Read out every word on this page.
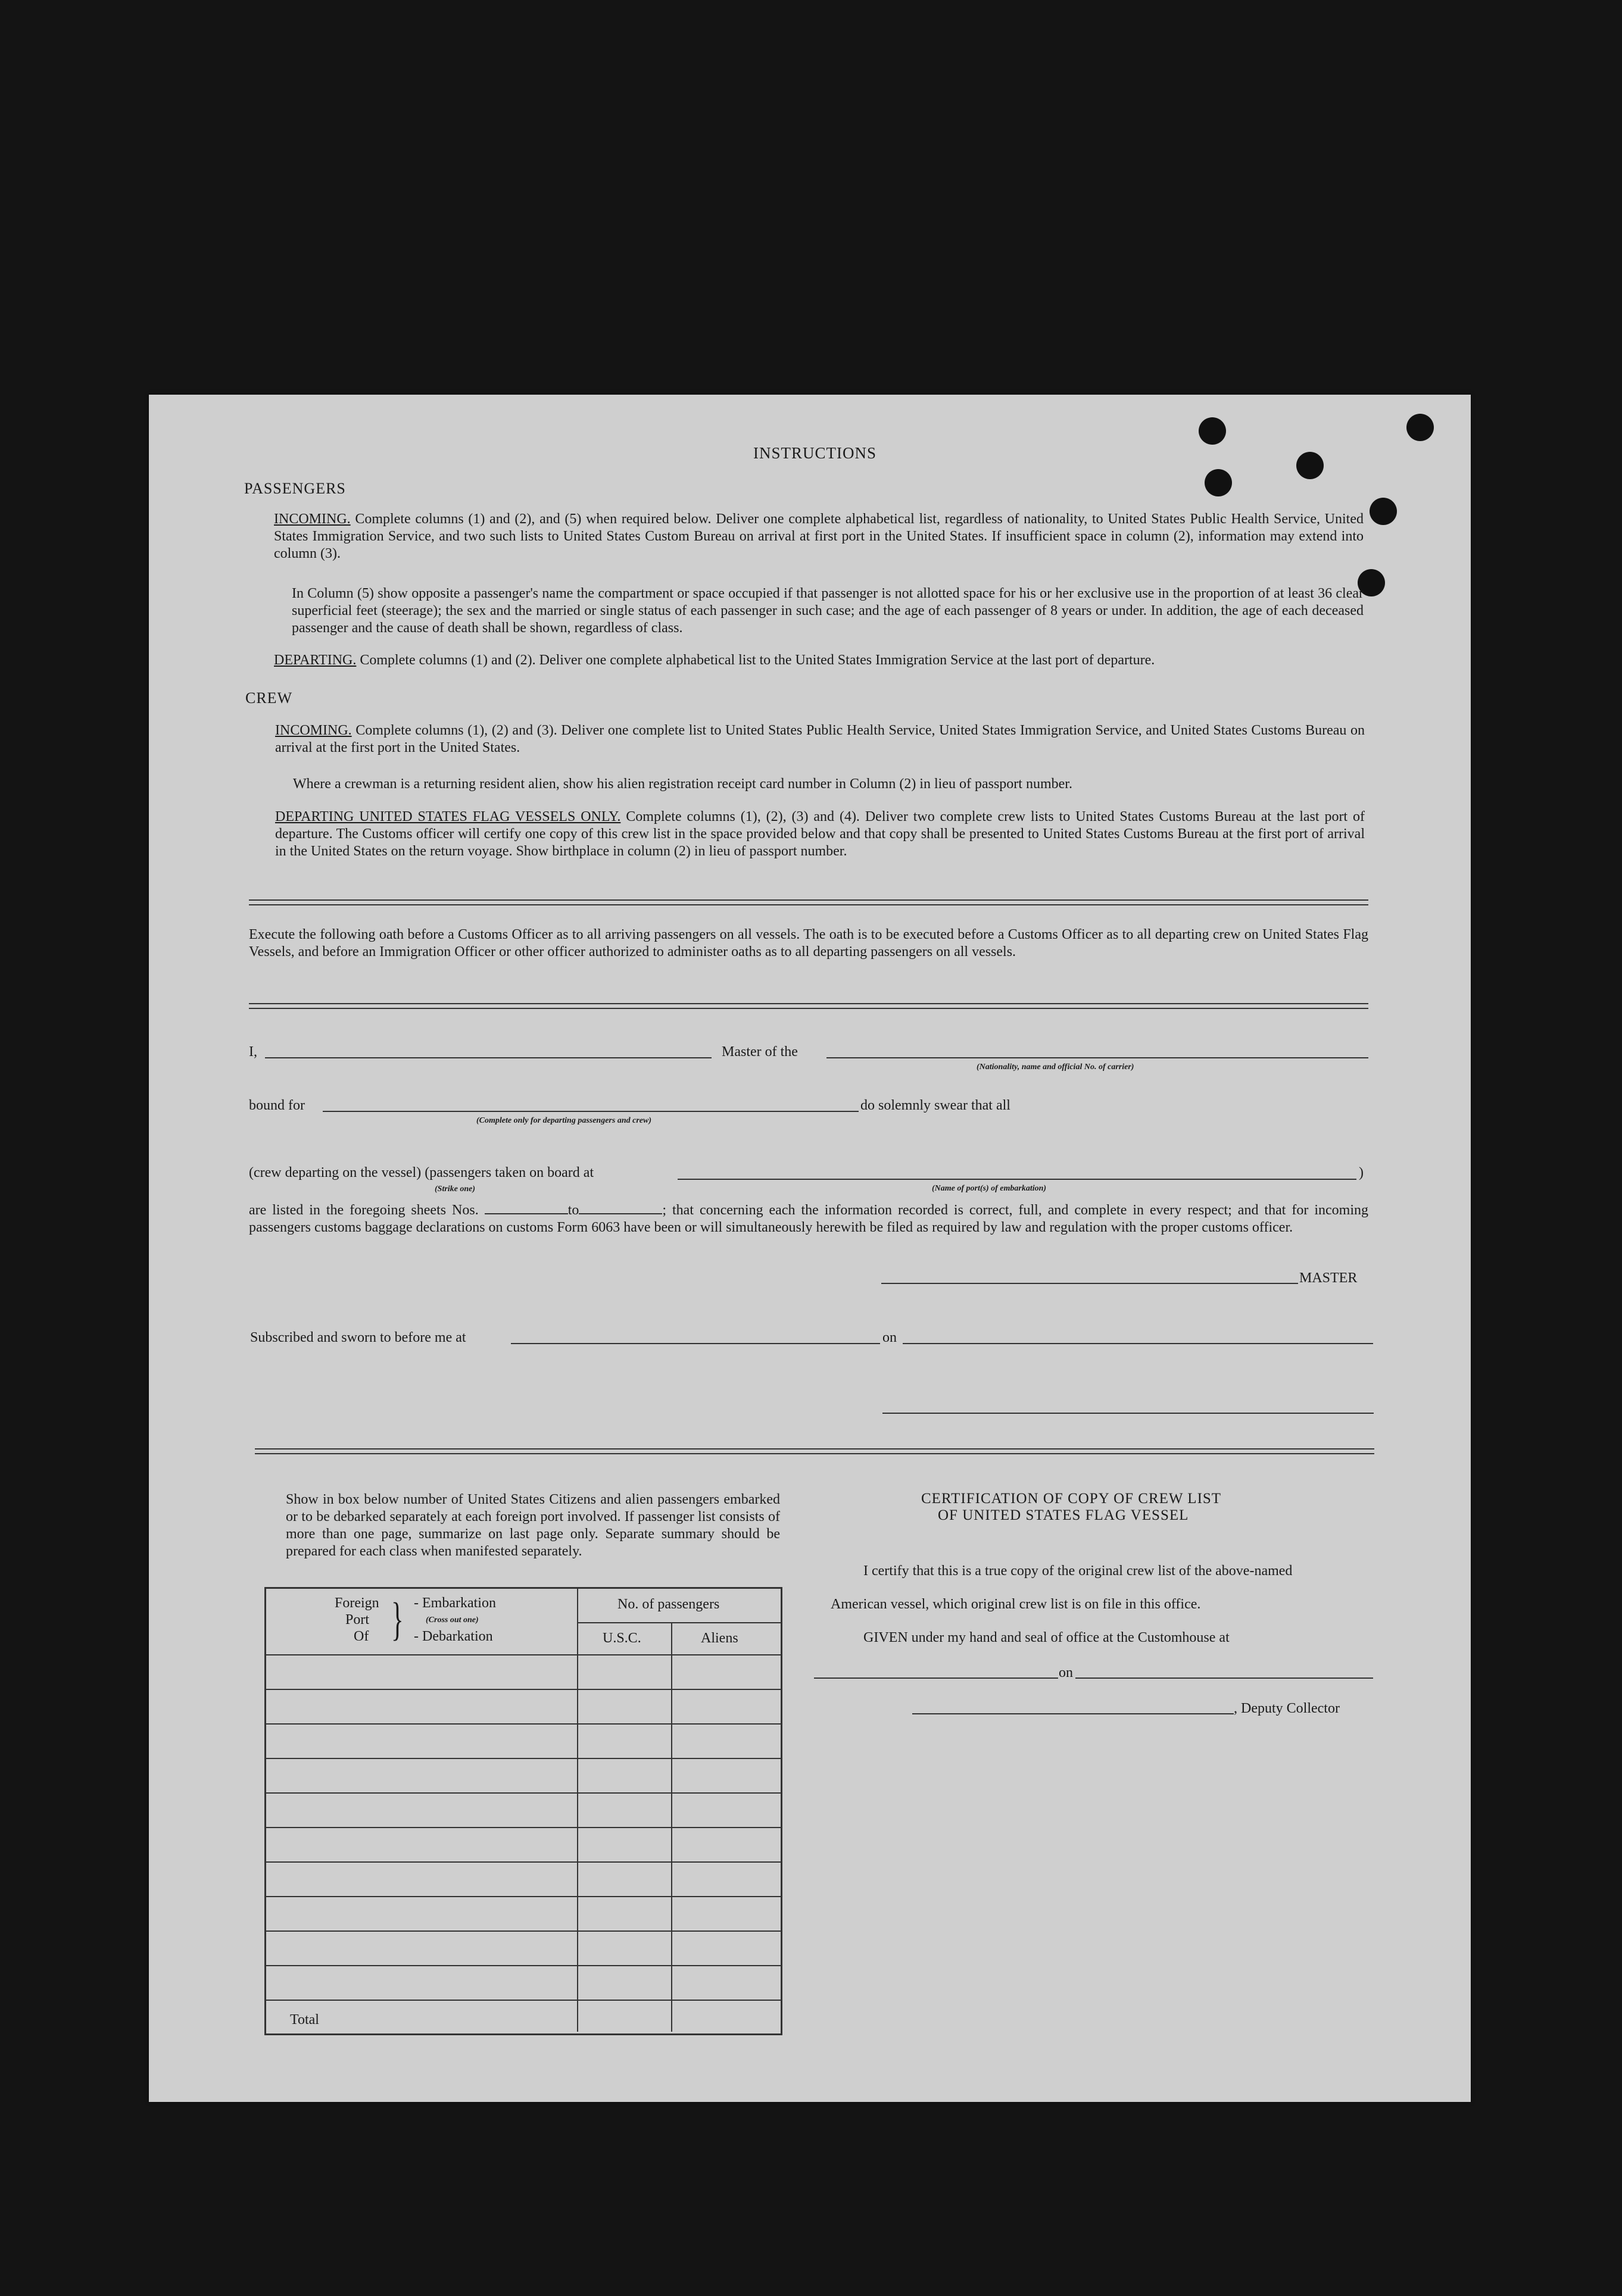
INSTRUCTIONS
PASSENGERS
INCOMING. Complete columns (1) and (2), and (5) when required below. Deliver one complete alphabetical list, regardless of nationality, to United States Public Health Service, United States Immigration Service, and two such lists to United States Custom Bureau on arrival at first port in the United States. If insufficient space in column (2), information may extend into column (3).
In Column (5) show opposite a passenger's name the compartment or space occupied if that passenger is not allotted space for his or her exclusive use in the proportion of at least 36 clear superficial feet (steerage); the sex and the married or single status of each passenger in such case; and the age of each passenger of 8 years or under. In addition, the age of each deceased passenger and the cause of death shall be shown, regardless of class.
DEPARTING. Complete columns (1) and (2). Deliver one complete alphabetical list to the United States Immigration Service at the last port of departure.
CREW
INCOMING. Complete columns (1), (2) and (3). Deliver one complete list to United States Public Health Service, United States Immigration Service, and United States Customs Bureau on arrival at the first port in the United States.
Where a crewman is a returning resident alien, show his alien registration receipt card number in Column (2) in lieu of passport number.
DEPARTING UNITED STATES FLAG VESSELS ONLY. Complete columns (1), (2), (3) and (4). Deliver two complete crew lists to United States Customs Bureau at the last port of departure. The Customs officer will certify one copy of this crew list in the space provided below and that copy shall be presented to United States Customs Bureau at the first port of arrival in the United States on the return voyage. Show birthplace in column (2) in lieu of passport number.
Execute the following oath before a Customs Officer as to all arriving passengers on all vessels. The oath is to be executed before a Customs Officer as to all departing crew on United States Flag Vessels, and before an Immigration Officer or other officer authorized to administer oaths as to all departing passengers on all vessels.
I,	Master of the
(Nationality, name and official No. of carrier)
bound for
(Complete only for departing passengers and crew)
do solemnly swear that all
(crew departing on the vessel) (passengers taken on board at
(Strike one)	(Name of port(s) of embarkation)
)
are listed in the foregoing sheets Nos.	to	; that concerning each the information recorded is correct, full, and complete in every respect; and that for incoming passengers customs baggage declarations on customs Form 6063 have been or will simultaneously herewith be filed as required by law and regulation with the proper customs officer.
MASTER
Subscribed and sworn to before me at	on
Show in box below number of United States Citizens and alien passengers embarked or to be debarked separately at each foreign port involved. If passenger list consists of more than one page, summarize on last page only. Separate summary should be prepared for each class when manifested separately.
Foreign
Port
Of } - Embarkation
(Cross out one)
- Debarkation
No. of passengers
U.S.C.	Aliens
Total
CERTIFICATION OF COPY OF CREW LIST
OF UNITED STATES FLAG VESSEL
I certify that this is a true copy of the original crew list of the above-named
American vessel, which original crew list is on file in this office.
GIVEN under my hand and seal of office at the Customhouse at
on
, Deputy Collector
